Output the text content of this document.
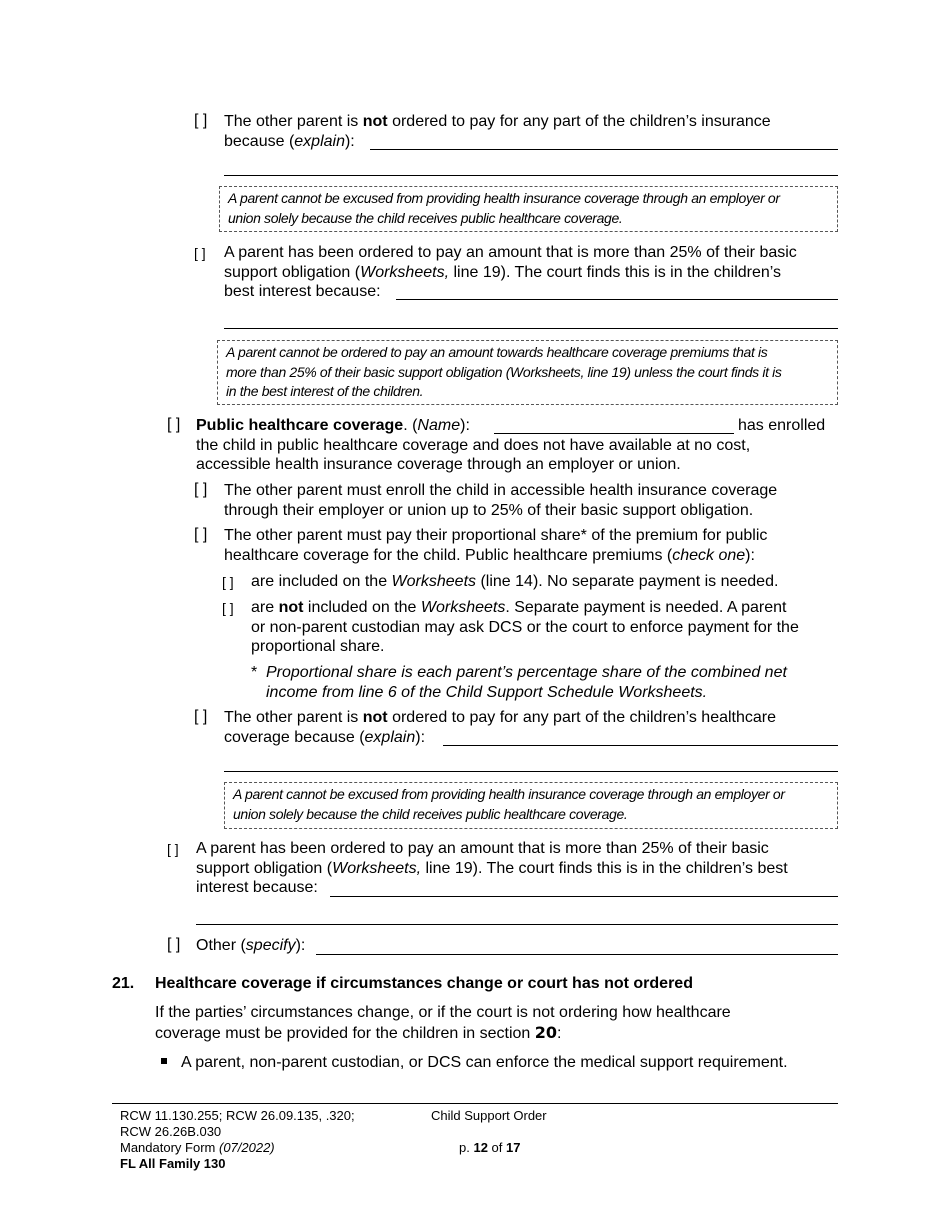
[ ] The other parent is not ordered to pay for any part of the children’s insurance
because (explain):
A parent cannot be excused from providing health insurance coverage through an employer or
union solely because the child receives public healthcare coverage.
[ ] A parent has been ordered to pay an amount that is more than 25% of their basic
support obligation (Worksheets, line 19). The court finds this is in the children’s
best interest because:
A parent cannot be ordered to pay an amount towards healthcare coverage premiums that is
more than 25% of their basic support obligation (Worksheets, line 19) unless the court finds it is
in the best interest of the children.
[ ] Public healthcare coverage. (Name):
the child in public healthcare coverage and does not have available at no cost,
accessible health insurance coverage through an employer or union.
has enrolled
[ ] The other parent must enroll the child in accessible health insurance coverage
through their employer or union up to 25% of their basic support obligation.
[ ] The other parent must pay their proportional share* of the premium for public
healthcare coverage for the child. Public healthcare premiums (check one):
[ ] are included on the Worksheets (line 14). No separate payment is needed.
[ ] are not included on the Worksheets. Separate payment is needed. A parent
or non-parent custodian may ask DCS or the court to enforce payment for the
proportional share.
* Proportional share is each parent’s percentage share of the combined net
income from line 6 of the Child Support Schedule Worksheets.
[ ] The other parent is not ordered to pay for any part of the children’s healthcare
coverage because (explain):
A parent cannot be excused from providing health insurance coverage through an employer or
union solely because the child receives public healthcare coverage.
[ ] A parent has been ordered to pay an amount that is more than 25% of their basic
support obligation (Worksheets, line 19). The court finds this is in the children’s best
interest because:
[ ] Other (specify):
21. Healthcare coverage if circumstances change or court has not ordered
If the parties’ circumstances change, or if the court is not ordering how healthcare
coverage must be provided for the children in section 20:
A parent, non-parent custodian, or DCS can enforce the medical support requirement.
RCW 11.130.255; RCW 26.09.135, .320;
RCW 26.26B.030
Mandatory Form (07/2022)
FL All Family 130
Child Support Order
p. 12 of 17
